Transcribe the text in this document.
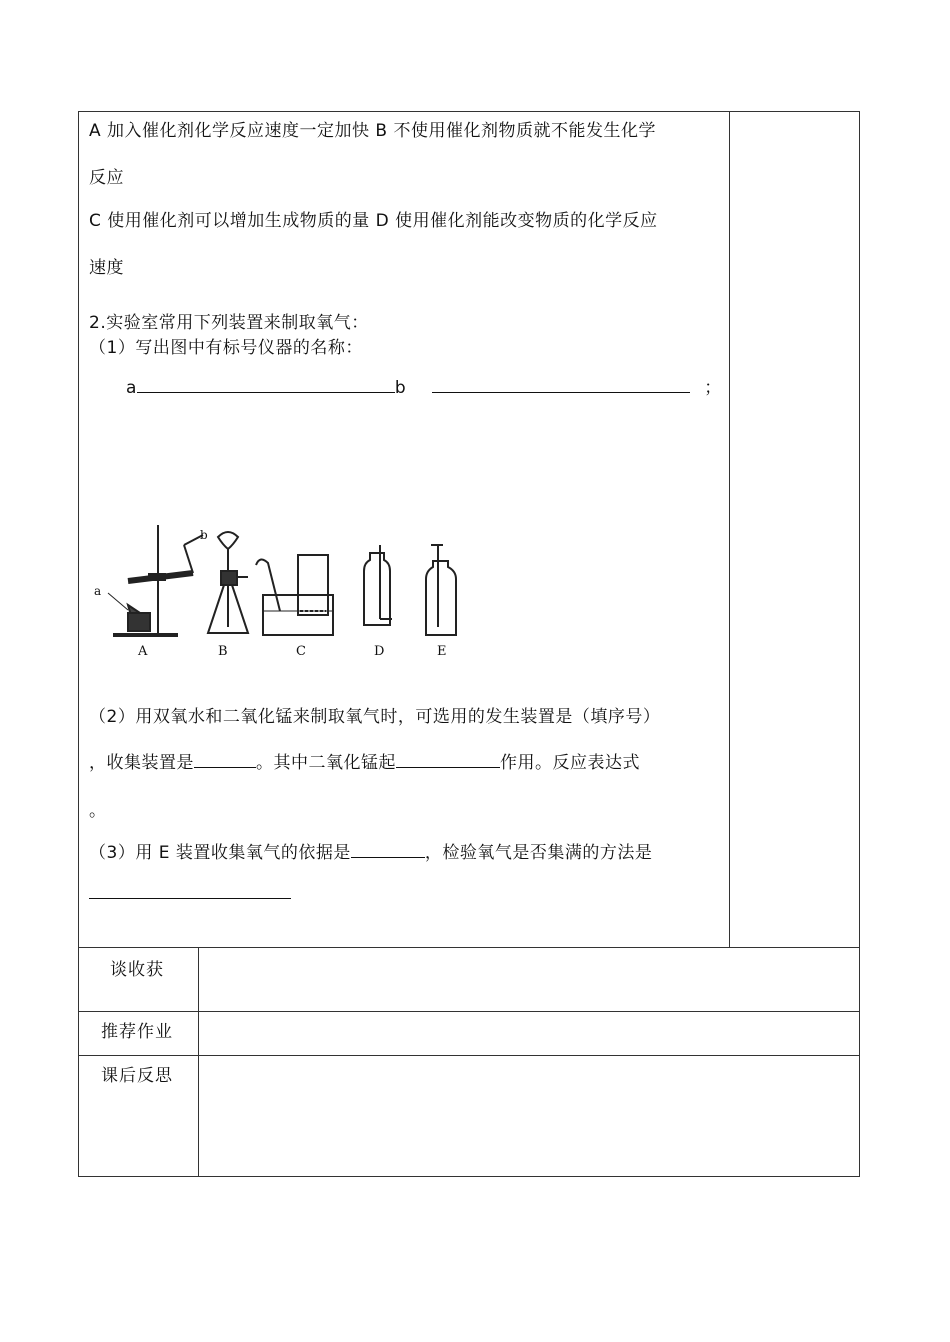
A 加入催化剂化学反应速度一定加快 B 不使用催化剂物质就不能发生化学
反应
C 使用催化剂可以增加生成物质的量 D 使用催化剂能改变物质的化学反应
速度
2.实验室常用下列装置来制取氧气：
（1）写出图中有标号仪器的名称：
a	b	；
a
b
A	B	C	D	E
（2）用双氧水和二氧化锰来制取氧气时，可选用的发生装置是（填序号）
，收集装置是	。其中二氧化锰起	作用。反应表达式
。
（3）用 E 装置收集氧气的依据是	，检验氧气是否集满的方法是
谈收获
推荐作业
课后反思
